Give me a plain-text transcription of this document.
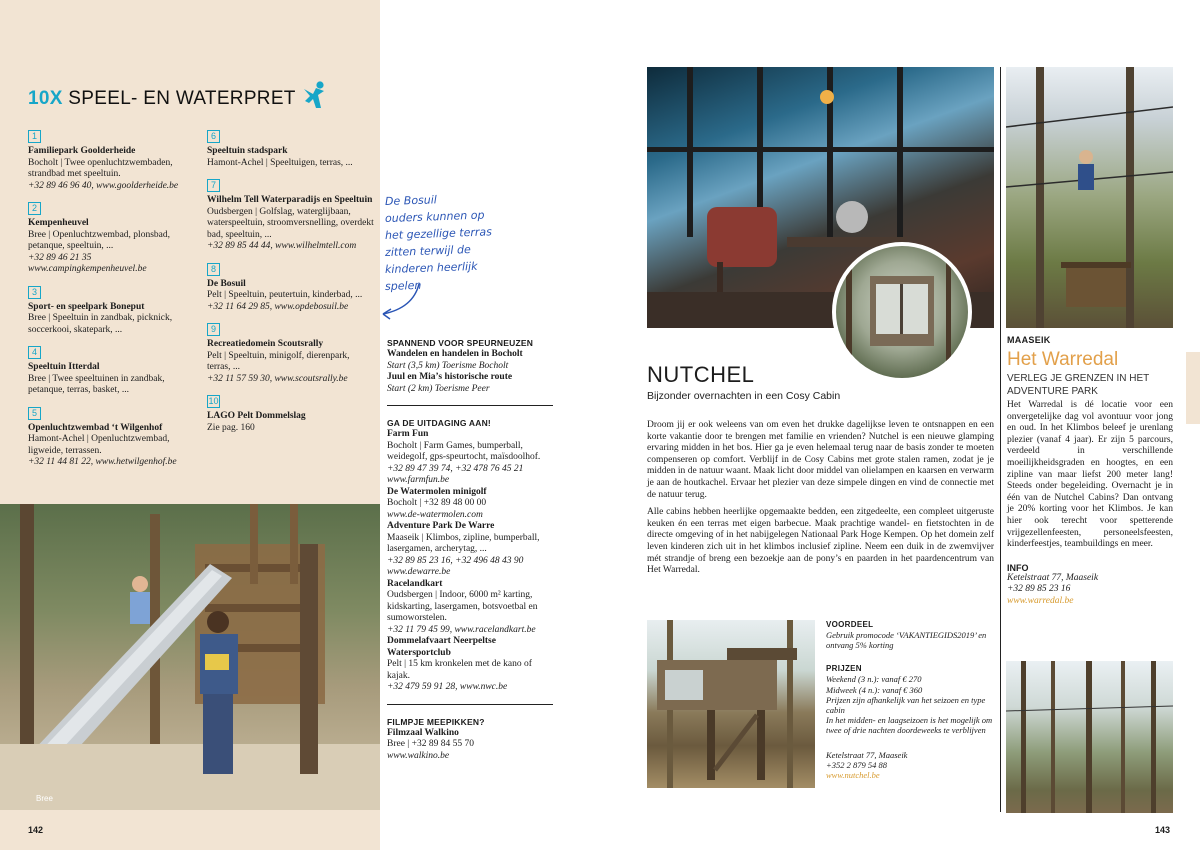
10X SPEEL- EN WATERPRET
1
Familiepark Goolderheide
Bocholt | Twee openluchtzwembaden, strandbad met speeltuin.
+32 89 46 96 40, www.goolderheide.be
2
Kempenheuvel
Bree | Openluchtzwembad, plonsbad, petanque, speeltuin, ...
+32 89 46 21 35
www.campingkempenheuvel.be
3
Sport- en speelpark Boneput
Bree | Speeltuin in zandbak, picknick, soccerkooi, skatepark, ...
4
Speeltuin Itterdal
Bree | Twee speeltuinen in zandbak, petanque, terras, basket, ...
5
Openluchtzwembad ‘t Wilgenhof
Hamont-Achel | Openluchtzwembad, ligweide, terrassen.
+32 11 44 81 22, www.hetwilgenhof.be
6
Speeltuin stadspark
Hamont-Achel | Speeltuigen, terras, ...
7
Wilhelm Tell Waterparadijs en Speeltuin
Oudsbergen | Golfslag, waterglijbaan, waterspeeltuin, stroomversnelling, overdekt bad, speeltuin, ...
+32 89 85 44 44, www.wilhelmtell.com
8
De Bosuil
Pelt | Speeltuin, peutertuin, kinderbad, ...
+32 11 64 29 85, www.opdebosuil.be
9
Recreatiedomein Scoutsrally
Pelt | Speeltuin, minigolf, dierenpark, terras, ...
+32 11 57 59 30, www.scoutsrally.be
10
LAGO Pelt Dommelslag
Zie pag. 160
Bree
142
De Bosuil
ouders kunnen op
het gezellige terras
zitten terwijl de
kinderen heerlijk
spelen
SPANNEND VOOR SPEURNEUZEN
Wandelen en handelen in Bocholt
Start (3,5 km) Toerisme Bocholt
Juul en Mia’s historische route
Start (2 km) Toerisme Peer
GA DE UITDAGING AAN!
Farm Fun
Bocholt | Farm Games, bumperball, weidegolf, gps-speurtocht, maïsdoolhof.
+32 89 47 39 74, +32 478 76 45 21
www.farmfun.be
De Watermolen minigolf
Bocholt | +32 89 48 00 00
www.de-watermolen.com
Adventure Park De Warre
Maaseik | Klimbos, zipline, bumperball, lasergamen, archerytag, ...
+32 89 85 23 16, +32 496 48 43 90
www.dewarre.be
Racelandkart
Oudsbergen | Indoor, 6000 m² karting, kidskarting, lasergamen, botsvoetbal en sumoworstelen.
+32 11 79 45 99, www.racelandkart.be
Dommelafvaart Neerpeltse Watersportclub
Pelt | 15 km kronkelen met de kano of kajak.
+32 479 59 91 28, www.nwc.be
FILMPJE MEEPIKKEN?
Filmzaal Walkino
Bree | +32 89 84 55 70
www.walkino.be
NUTCHEL
Bijzonder overnachten in een Cosy Cabin

Droom jij er ook weleens van om even het drukke dagelijkse leven te ontsnappen en een korte vakantie door te brengen met familie en vrienden? Nutchel is een nieuwe glamping ervaring midden in het bos. Hier ga je even helemaal terug naar de basis zonder te moeten compenseren op comfort. Verblijf in de Cosy Cabins met grote stalen ramen, zodat je je midden in de natuur waant. Maak licht door middel van olielampen en kaarsen en verwarm je aan de houtkachel. Ervaar het plezier van deze simpele dingen en vind de connectie met de natuur terug.

Alle cabins hebben heerlijke opgemaakte bedden, een zitgedeelte, een compleet uitgeruste keuken én een terras met eigen barbecue. Maak prachtige wandel- en fietstochten in de directe omgeving of in het nabijgelegen Nationaal Park Hoge Kempen. Op het domein zelf leven kinderen zich uit in het klimbos inclusief zipline. Neem een duik in de zwemvijver mét strandje of breng een bezoekje aan de pony’s en paarden in het paardencentrum van Het Warredal.

VOORDEEL
Gebruik promocode ‘VAKANTIEGIDS2019’ en ontvang 5% korting
PRIJZEN
Weekend (3 n.): vanaf € 270
Midweek (4 n.): vanaf € 360
Prijzen zijn afhankelijk van het seizoen en type cabin
In het midden- en laagseizoen is het mogelijk om twee of drie nachten doordeweeks te verblijven
Ketelstraat 77, Maaseik
+352 2 879 54 88
www.nutchel.be
MAASEIK
Het Warredal
VERLEG JE GRENZEN IN HET ADVENTURE PARK
Het Warredal is dé locatie voor een onvergetelijke dag vol avontuur voor jong en oud. In het Klimbos beleef je urenlang plezier (vanaf 4 jaar). Er zijn 5 parcours, verdeeld in verschillende moeilijkheidsgraden en hoogtes, en een zipline van maar liefst 200 meter lang! Steeds onder begeleiding. Overnacht je in één van de Nutchel Cabins? Dan ontvang je 20% korting voor het Klimbos. Je kan hier ook terecht voor spetterende vrijgezellenfeesten, personeelsfeesten, kinderfeestjes, teambuildings en meer.
INFO
Ketelstraat 77, Maaseik
+32 89 85 23 16
www.warredal.be
143
